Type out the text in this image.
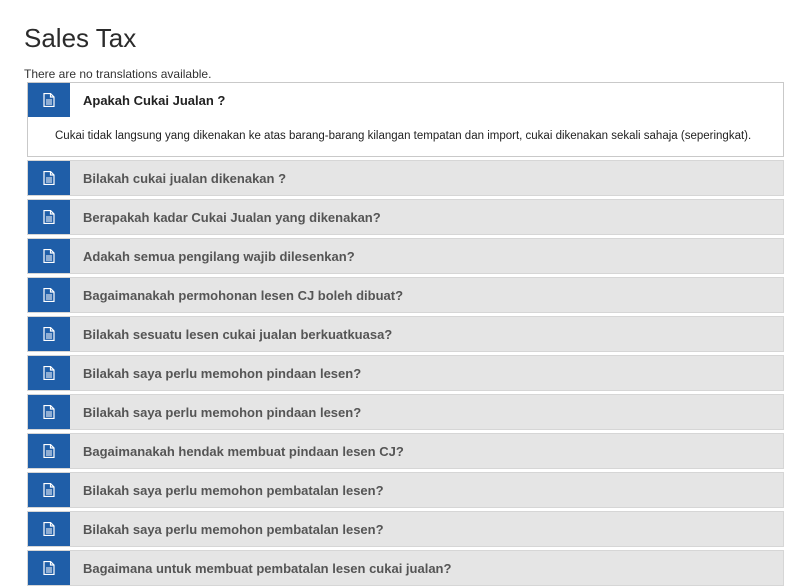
Sales Tax
There are no translations available.
Apakah Cukai Jualan ?
Cukai tidak langsung yang dikenakan ke atas barang-barang kilangan tempatan dan import, cukai dikenakan sekali sahaja (seperingkat).
Bilakah cukai jualan dikenakan ?
Berapakah kadar Cukai Jualan yang dikenakan?
Adakah semua pengilang wajib dilesenkan?
Bagaimanakah permohonan lesen CJ boleh dibuat?
Bilakah sesuatu lesen cukai jualan berkuatkuasa?
Bilakah saya perlu memohon pindaan lesen?
Bilakah saya perlu memohon pindaan lesen?
Bagaimanakah hendak membuat pindaan lesen CJ?
Bilakah saya perlu memohon pembatalan lesen?
Bilakah saya perlu memohon pembatalan lesen?
Bagaimana untuk membuat pembatalan lesen cukai jualan?
